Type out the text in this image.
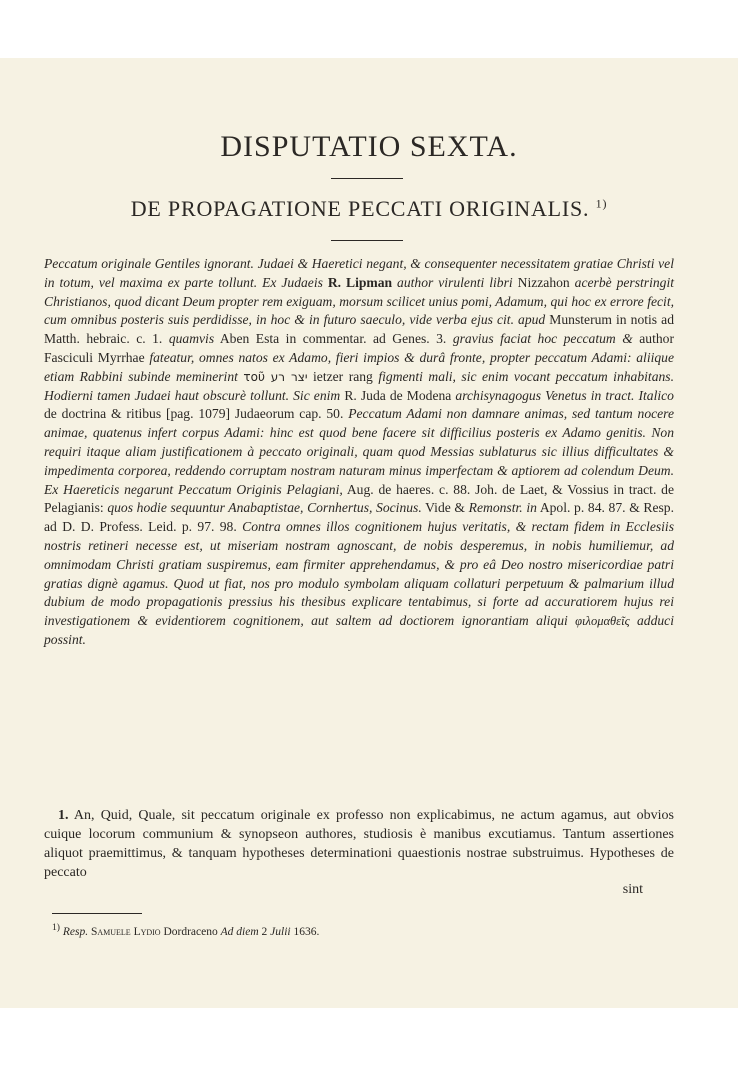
DISPUTATIO SEXTA.
DE PROPAGATIONE PECCATI ORIGINALIS. $^{1)}$
Peccatum originale Gentiles ignorant. Judaei & Haeretici negant, & consequenter necessitatem gratiae Christi vel in totum, vel maxima ex parte tollunt. Ex Judaeis R. Lipman author virulenti libri Nizzahon acerbè perstringit Christianos, quod dicant Deum propter rem exiguam, morsum scilicet unius pomi, Adamum, qui hoc ex errore fecit, cum omnibus posteris suis perdidisse, in hoc & in futuro saeculo, vide verba ejus cit. apud Munsterum in notis ad Matth. hebraic. c. 1. quamvis Aben Esta in commentar. ad Genes. 3. gravius faciat hoc peccatum & author Fasciculi Myrrhae fateatur, omnes natos ex Adamo, fieri impios & durâ fronte, propter peccatum Adami: aliique etiam Rabbini subinde meminerint τοῦ יצר רע ietzer rang figmenti mali, sic enim vocant peccatum inhabitans. Hodierni tamen Judaei haut obscurè tollunt. Sic enim R. Juda de Modena archisynagogus Venetus in tract. Italico de doctrina & ritibus [pag. 1079] Judaeorum cap. 50. Peccatum Adami non damnare animas, sed tantum nocere animae, quatenus infert corpus Adami: hinc est quod bene facere sit difficilius posteris ex Adamo genitis. Non requiri itaque aliam justificationem à peccato originali, quam quod Messias sublaturus sic illius difficultates & impedimenta corporea, reddendo corruptam nostram naturam minus imperfectam & aptiorem ad colendum Deum. Ex Haereticis negarunt Peccatum Originis Pelagiani, Aug. de haeres. c. 88. Joh. de Laet, & Vossius in tract. de Pelagianis: quos hodie sequuntur Anabaptistae, Cornhertus, Socinus. Vide & Remonstr. in Apol. p. 84. 87. & Resp. ad D. D. Profess. Leid. p. 97. 98. Contra omnes illos cognitionem hujus veritatis, & rectam fidem in Ecclesiis nostris retineri necesse est, ut miseriam nostram agnoscant, de nobis desperemus, in nobis humiliemur, ad omnimodam Christi gratiam suspiremus, eam firmiter apprehendamus, & pro eâ Deo nostro misericordiae patri gratias dignè agamus. Quod ut fiat, nos pro modulo symbolam aliquam collaturi perpetuum & palmarium illud dubium de modo propagationis pressius his thesibus explicare tentabimus, si forte ad accuratiorem hujus rei investigationem & evidentiorem cognitionem, aut saltem ad doctiorem ignorantiam aliqui φιλομαθεῖς adduci possint.
 1. An, Quid, Quale, sit peccatum originale ex professo non explicabimus, ne actum agamus, aut obvios cuique locorum communium & synopseon authores, studiosis è manibus excutiamus. Tantum assertiones aliquot praemittimus, & tanquam hypotheses determinationi quaestionis nostrae substruimus. Hypotheses de peccato
sint
$^{1)}$ Resp. Samuele Lydio Dordraceno Ad diem 2 Julii 1636.
